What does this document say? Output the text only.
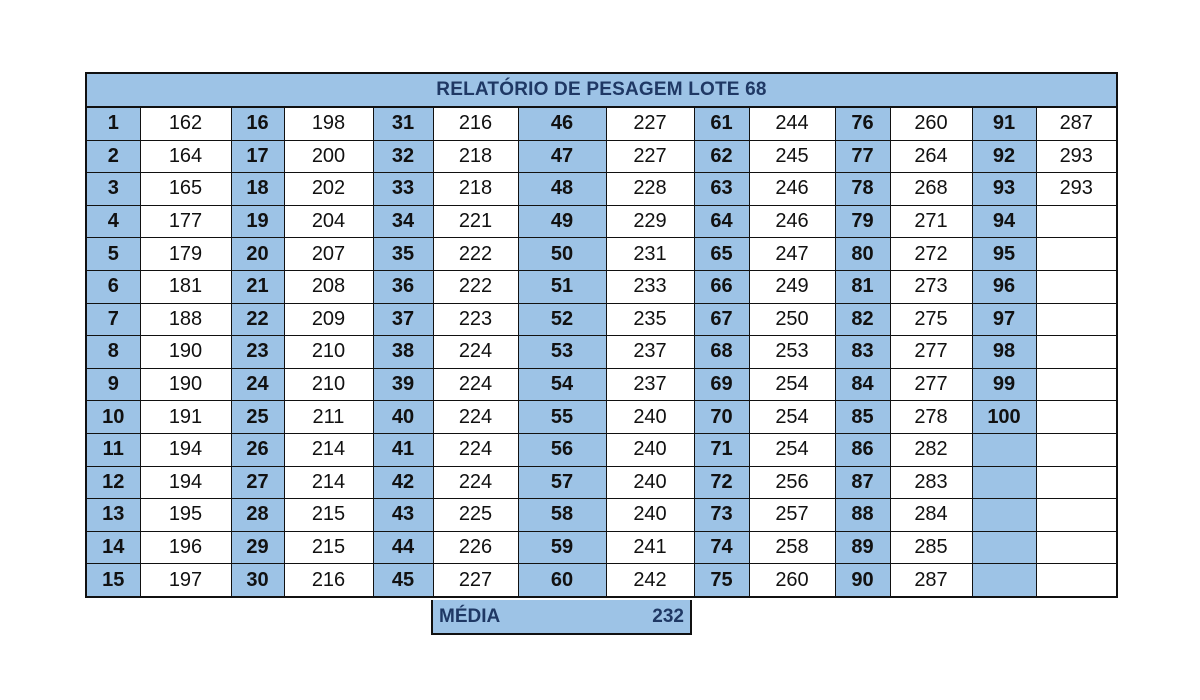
RELATÓRIO DE PESAGEM LOTE 68
1	162	16	198	31	216	46	227	61	244	76	260	91	287
2	164	17	200	32	218	47	227	62	245	77	264	92	293
3	165	18	202	33	218	48	228	63	246	78	268	93	293
4	177	19	204	34	221	49	229	64	246	79	271	94	
5	179	20	207	35	222	50	231	65	247	80	272	95	
6	181	21	208	36	222	51	233	66	249	81	273	96	
7	188	22	209	37	223	52	235	67	250	82	275	97	
8	190	23	210	38	224	53	237	68	253	83	277	98	
9	190	24	210	39	224	54	237	69	254	84	277	99	
10	191	25	211	40	224	55	240	70	254	85	278	100	
11	194	26	214	41	224	56	240	71	254	86	282		
12	194	27	214	42	224	57	240	72	256	87	283		
13	195	28	215	43	225	58	240	73	257	88	284		
14	196	29	215	44	226	59	241	74	258	89	285		
15	197	30	216	45	227	60	242	75	260	90	287		
MÉDIA	232
